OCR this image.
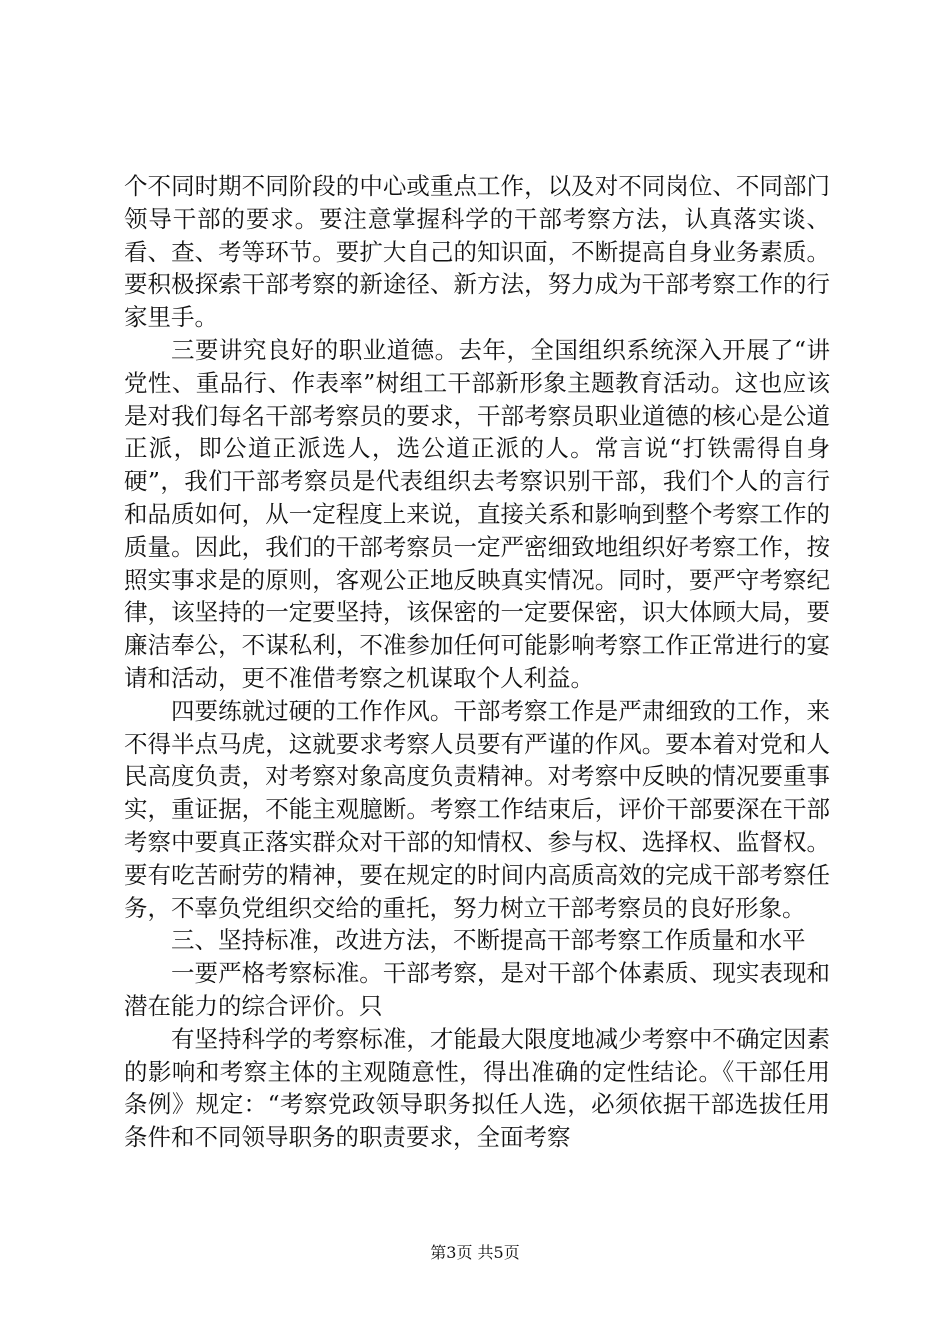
个不同时期不同阶段的中心或重点工作，以及对不同岗位、不同部门领导干部的要求。要注意掌握科学的干部考察方法，认真落实谈、看、查、考等环节。要扩大自己的知识面，不断提高自身业务素质。要积极探索干部考察的新途径、新方法，努力成为干部考察工作的行家里手。

三要讲究良好的职业道德。去年，全国组织系统深入开展了“讲党性、重品行、作表率”树组工干部新形象主题教育活动。这也应该是对我们每名干部考察员的要求，干部考察员职业道德的核心是公道正派，即公道正派选人，选公道正派的人。常言说“打铁需得自身硬”，我们干部考察员是代表组织去考察识别干部，我们个人的言行和品质如何，从一定程度上来说，直接关系和影响到整个考察工作的质量。因此，我们的干部考察员一定严密细致地组织好考察工作，按照实事求是的原则，客观公正地反映真实情况。同时，要严守考察纪律，该坚持的一定要坚持，该保密的一定要保密，识大体顾大局，要廉洁奉公，不谋私利，不准参加任何可能影响考察工作正常进行的宴请和活动，更不准借考察之机谋取个人利益。

四要练就过硬的工作作风。干部考察工作是严肃细致的工作，来不得半点马虎，这就要求考察人员要有严谨的作风。要本着对党和人民高度负责，对考察对象高度负责精神。对考察中反映的情况要重事实，重证据，不能主观臆断。考察工作结束后，评价干部要深在干部考察中要真正落实群众对干部的知情权、参与权、选择权、监督权。要有吃苦耐劳的精神，要在规定的时间内高质高效的完成干部考察任务，不辜负党组织交给的重托，努力树立干部考察员的良好形象。

三、坚持标准，改进方法，不断提高干部考察工作质量和水平

一要严格考察标准。干部考察，是对干部个体素质、现实表现和潜在能力的综合评价。只

有坚持科学的考察标准，才能最大限度地减少考察中不确定因素的影响和考察主体的主观随意性，得出准确的定性结论。《干部任用条例》规定：“考察党政领导职务拟任人选，必须依据干部选拔任用条件和不同领导职务的职责要求，全面考察

第3页 共5页
